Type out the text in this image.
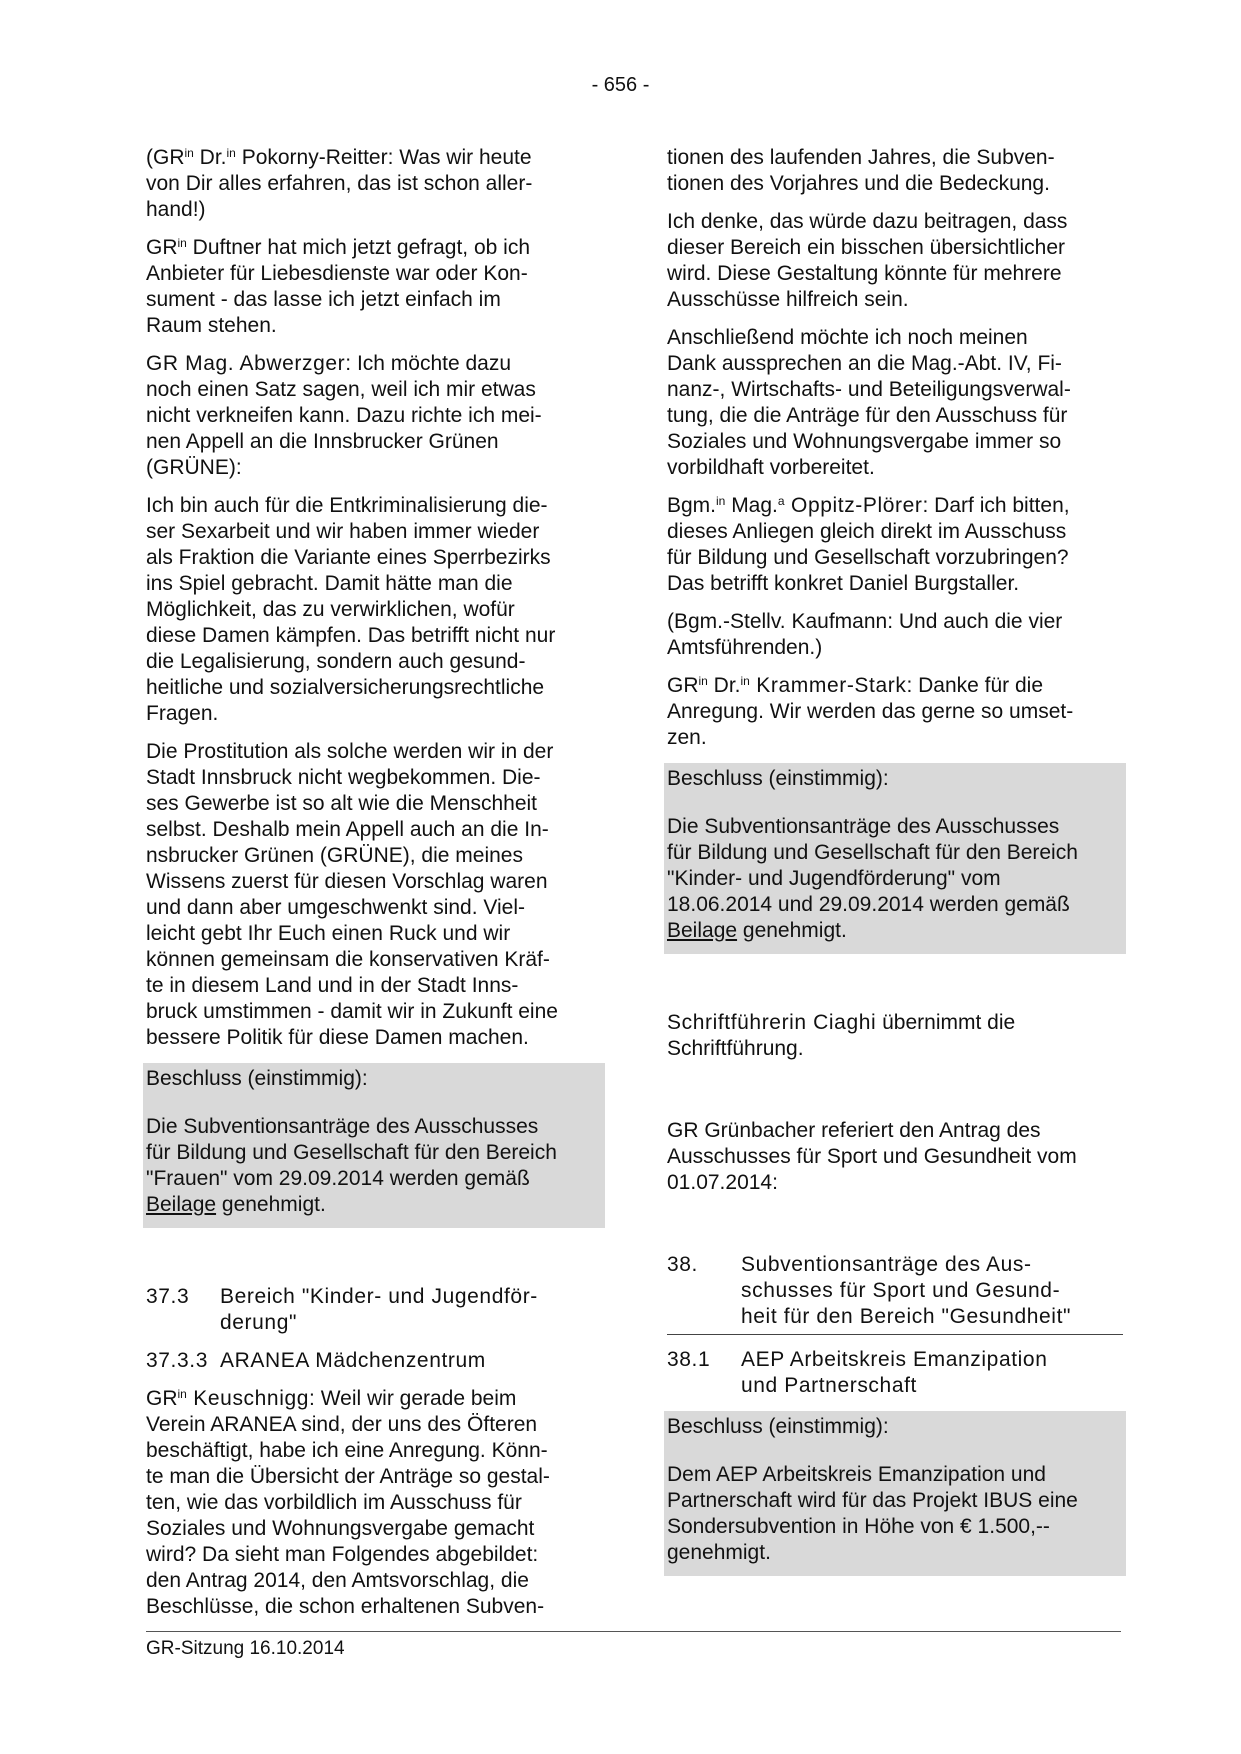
- 656 -

($GR^{in}$ Dr.$^{in}$ Pokorny-Reitter: Was wir heute
von Dir alles erfahren, das ist schon aller-
hand!)

$GR^{in}$ Duftner hat mich jetzt gefragt, ob ich
Anbieter für Liebesdienste war oder Kon-
sument - das lasse ich jetzt einfach im
Raum stehen.

GR Mag. Abwerzger: Ich möchte dazu
noch einen Satz sagen, weil ich mir etwas
nicht verkneifen kann. Dazu richte ich mei-
nen Appell an die Innsbrucker Grünen
(GRÜNE):

Ich bin auch für die Entkriminalisierung die-
ser Sexarbeit und wir haben immer wieder
als Fraktion die Variante eines Sperrbezirks
ins Spiel gebracht. Damit hätte man die
Möglichkeit, das zu verwirklichen, wofür
diese Damen kämpfen. Das betrifft nicht nur
die Legalisierung, sondern auch gesund-
heitliche und sozialversicherungsrechtliche
Fragen.

Die Prostitution als solche werden wir in der
Stadt Innsbruck nicht wegbekommen. Die-
ses Gewerbe ist so alt wie die Menschheit
selbst. Deshalb mein Appell auch an die In-
nsbrucker Grünen (GRÜNE), die meines
Wissens zuerst für diesen Vorschlag waren
und dann aber umgeschwenkt sind. Viel-
leicht gebt Ihr Euch einen Ruck und wir
können gemeinsam die konservativen Kräf-
te in diesem Land und in der Stadt Inns-
bruck umstimmen - damit wir in Zukunft eine
bessere Politik für diese Damen machen.

Beschluss (einstimmig):

Die Subventionsanträge des Ausschusses
für Bildung und Gesellschaft für den Bereich
"Frauen" vom 29.09.2014 werden gemäß
Beilage genehmigt.

37.3	Bereich "Kinder- und Jugendför-
derung"
37.3.3 ARANEA Mädchenzentrum

$GR^{in}$ Keuschnigg: Weil wir gerade beim
Verein ARANEA sind, der uns des Öfteren
beschäftigt, habe ich eine Anregung. Könn-
te man die Übersicht der Anträge so gestal-
ten, wie das vorbildlich im Ausschuss für
Soziales und Wohnungsvergabe gemacht
wird? Da sieht man Folgendes abgebildet:
den Antrag 2014, den Amtsvorschlag, die
Beschlüsse, die schon erhaltenen Subven-

tionen des laufenden Jahres, die Subven-
tionen des Vorjahres und die Bedeckung.

Ich denke, das würde dazu beitragen, dass
dieser Bereich ein bisschen übersichtlicher
wird. Diese Gestaltung könnte für mehrere
Ausschüsse hilfreich sein.

Anschließend möchte ich noch meinen
Dank aussprechen an die Mag.-Abt. IV, Fi-
nanz-, Wirtschafts- und Beteiligungsverwal-
tung, die die Anträge für den Ausschuss für
Soziales und Wohnungsvergabe immer so
vorbildhaft vorbereitet.

Bgm.$^{in}$ Mag.$^a$ Oppitz-Plörer: Darf ich bitten,
dieses Anliegen gleich direkt im Ausschuss
für Bildung und Gesellschaft vorzubringen?
Das betrifft konkret Daniel Burgstaller.

(Bgm.-Stellv. Kaufmann: Und auch die vier
Amtsführenden.)

$GR^{in}$ Dr.$^{in}$ Krammer-Stark: Danke für die
Anregung. Wir werden das gerne so umset-
zen.

Beschluss (einstimmig):

Die Subventionsanträge des Ausschusses
für Bildung und Gesellschaft für den Bereich
"Kinder- und Jugendförderung" vom
18.06.2014 und 29.09.2014 werden gemäß
Beilage genehmigt.

Schriftführerin Ciaghi übernimmt die
Schriftführung.

GR Grünbacher referiert den Antrag des
Ausschusses für Sport und Gesundheit vom
01.07.2014:

38.	Subventionsanträge des Aus-
schusses für Sport und Gesund-
heit für den Bereich "Gesundheit"
38.1	AEP Arbeitskreis Emanzipation
und Partnerschaft

Beschluss (einstimmig):

Dem AEP Arbeitskreis Emanzipation und
Partnerschaft wird für das Projekt IBUS eine
Sondersubvention in Höhe von € 1.500,--
genehmigt.

GR-Sitzung 16.10.2014
